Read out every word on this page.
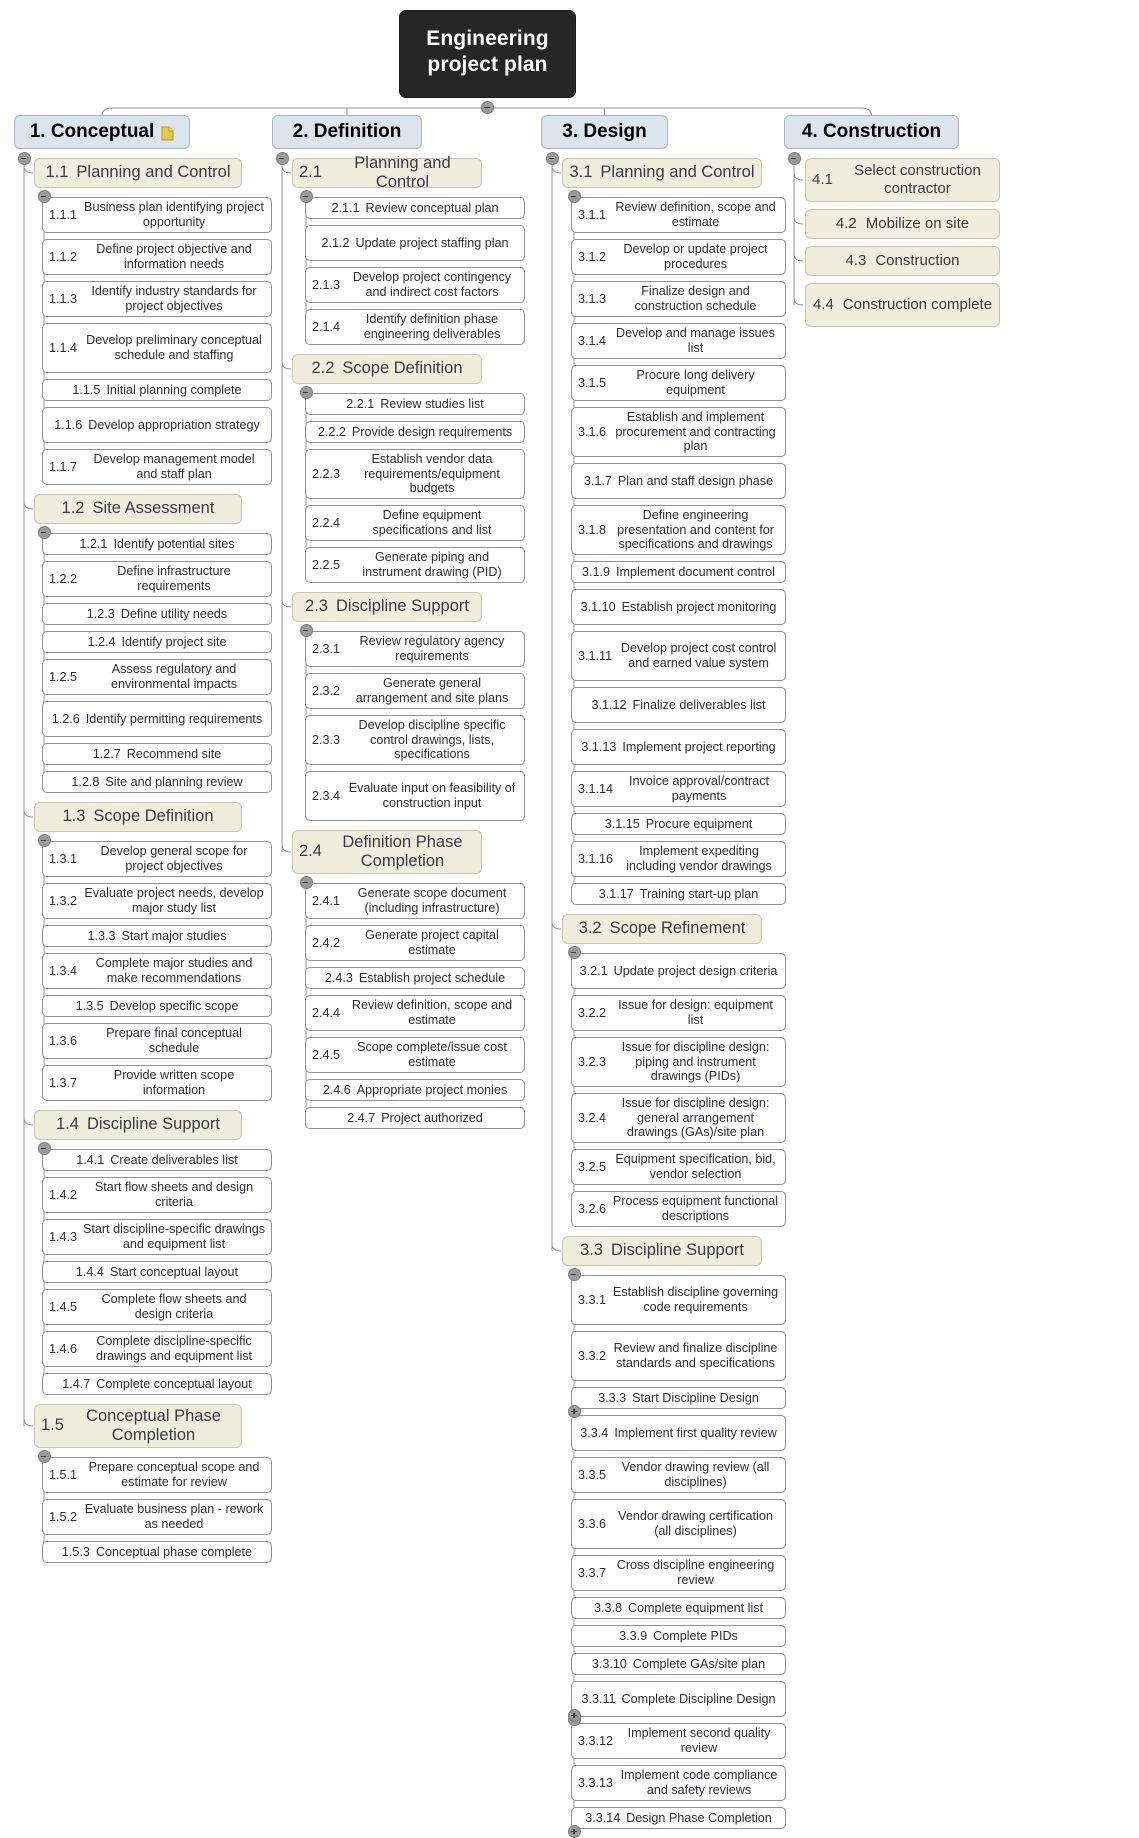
Engineering
project plan
1. Conceptual
1.1 Planning and Control
1.1.1
Business plan identifying project opportunity
1.1.2
Define project objective and information needs
1.1.3
Identify industry standards for project objectives
1.1.4
Develop preliminary conceptual schedule and staffing
1.1.5 Initial planning complete
1.1.6 Develop appropriation strategy
1.1.7
Develop management model and staff plan
1.2 Site Assessment
1.2.1 Identify potential sites
1.2.2
Define infrastructure requirements
1.2.3 Define utility needs
1.2.4 Identify project site
1.2.5
Assess regulatory and environmental impacts
1.2.6 Identify permitting requirements
1.2.7 Recommend site
1.2.8 Site and planning review
1.3 Scope Definition
1.3.1
Develop general scope for project objectives
1.3.2
Evaluate project needs, develop major study list
1.3.3 Start major studies
1.3.4
Complete major studies and make recommendations
1.3.5 Develop specific scope
1.3.6
Prepare final conceptual schedule
1.3.7
Provide written scope information
1.4 Discipline Support
1.4.1 Create deliverables list
1.4.2
Start flow sheets and design criteria
1.4.3
Start discipline-specific drawings and equipment list
1.4.4 Start conceptual layout
1.4.5
Complete flow sheets and design criteria
1.4.6
Complete discipline-specific drawings and equipment list
1.4.7 Complete conceptual layout
1.5
Conceptual Phase Completion
1.5.1
Prepare conceptual scope and estimate for review
1.5.2
Evaluate business plan - rework as needed
1.5.3 Conceptual phase complete
2. Definition
2.1
Planning and Control
2.1.1 Review conceptual plan
2.1.2 Update project staffing plan
2.1.3
Develop project contingency and indirect cost factors
2.1.4
Identify definition phase engineering deliverables
2.2 Scope Definition
2.2.1 Review studies list
2.2.2 Provide design requirements
2.2.3
Establish vendor data requirements/equipment budgets
2.2.4
Define equipment specifications and list
2.2.5
Generate piping and instrument drawing (PID)
2.3 Discipline Support
2.3.1
Review regulatory agency requirements
2.3.2
Generate general arrangement and site plans
2.3.3
Develop discipline specific control drawings, lists, specifications
2.3.4
Evaluate input on feasibility of construction input
2.4
Definition Phase Completion
2.4.1
Generate scope document (including infrastructure)
2.4.2
Generate project capital estimate
2.4.3 Establish project schedule
2.4.4
Review definition, scope and estimate
2.4.5
Scope complete/issue cost estimate
2.4.6 Appropriate project monies
2.4.7 Project authorized
3. Design
3.1 Planning and Control
3.1.1
Review definition, scope and estimate
3.1.2
Develop or update project procedures
3.1.3
Finalize design and construction schedule
3.1.4
Develop and manage issues list
3.1.5
Procure long delivery equipment
3.1.6
Establish and implement procurement and contracting plan
3.1.7 Plan and staff design phase
3.1.8
Define engineering presentation and content for specifications and drawings
3.1.9 Implement document control
3.1.10 Establish project monitoring
3.1.11
Develop project cost control and earned value system
3.1.12 Finalize deliverables list
3.1.13 Implement project reporting
3.1.14
Invoice approval/contract payments
3.1.15 Procure equipment
3.1.16
Implement expediting including vendor drawings
3.1.17 Training start-up plan
3.2 Scope Refinement
3.2.1 Update project design criteria
3.2.2
Issue for design: equipment list
3.2.3
Issue for discipline design: piping and instrument drawings (PIDs)
3.2.4
Issue for discipline design: general arrangement drawings (GAs)/site plan
3.2.5
Equipment specification, bid, vendor selection
3.2.6
Process equipment functional descriptions
3.3 Discipline Support
3.3.1
Establish discipline governing code requirements
3.3.2
Review and finalize discipline standards and specifications
3.3.3 Start Discipline Design
3.3.4 Implement first quality review
3.3.5
Vendor drawing review (all disciplines)
3.3.6
Vendor drawing certification (all disciplines)
3.3.7
Cross discipline engineering review
3.3.8 Complete equipment list
3.3.9 Complete PIDs
3.3.10 Complete GAs/site plan
3.3.11 Complete Discipline Design
3.3.12
Implement second quality review
3.3.13
Implement code compliance and safety reviews
3.3.14 Design Phase Completion
4. Construction
4.1
Select construction contractor
4.2 Mobilize on site
4.3 Construction
4.4 Construction complete
